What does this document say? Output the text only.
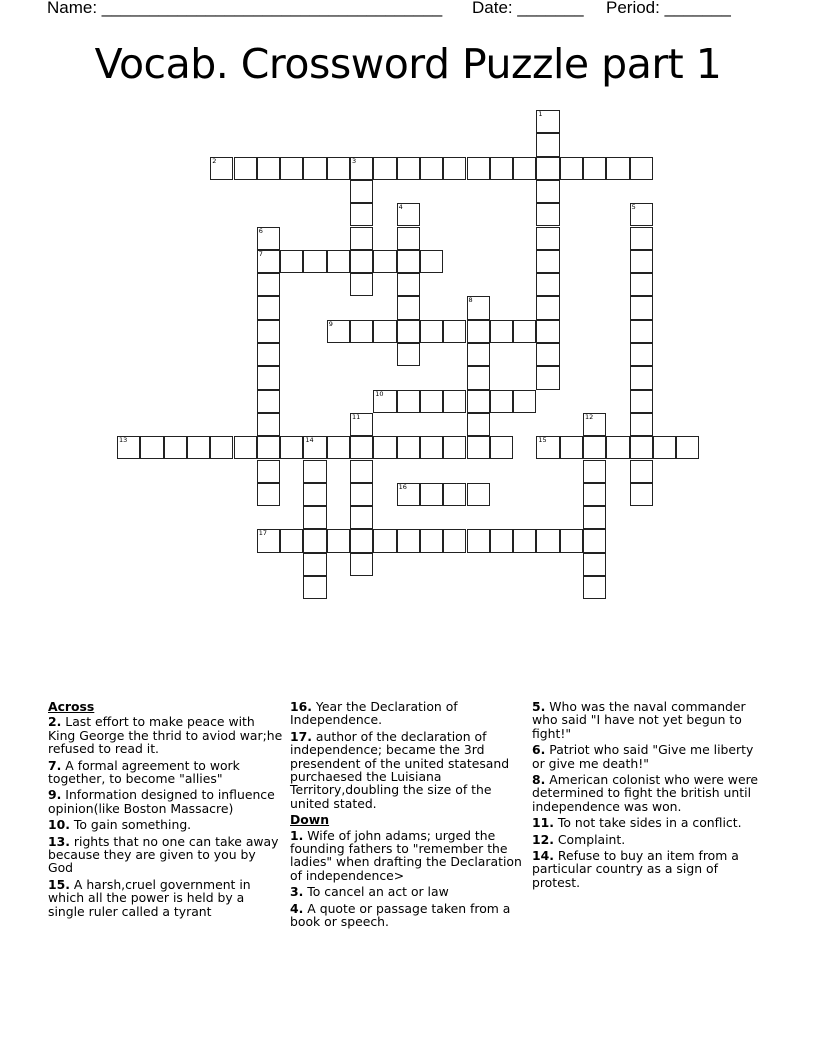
Name: ____________________________________ Date: _______ Period: _______
Vocab. Crossword Puzzle part 1
1
2	3
4	5
6
7
8
9
10
11	12
13	14	15
16
17
Across
2. Last effort to make peace with King George the thrid to aviod war;he refused to read it.
7. A formal agreement to work together, to become "allies"
9. Information designed to influence opinion(like Boston Massacre)
10. To gain something.
13. rights that no one can take away because they are given to you by God
15. A harsh,cruel government in which all the power is held by a single ruler called a tyrant
16. Year the Declaration of Independence.
17. author of the declaration of independence; became the 3rd presendent of the united statesand purchaesed the Luisiana Territory,doubling the size of the united stated.
Down
1. Wife of john adams; urged the founding fathers to "remember the ladies" when drafting the Declaration of independence>
3. To cancel an act or law
4. A quote or passage taken from a book or speech.
5. Who was the naval commander who said "I have not yet begun to fight!"
6. Patriot who said "Give me liberty or give me death!"
8. American colonist who were were determined to fight the british until independence was won.
11. To not take sides in a conflict.
12. Complaint.
14. Refuse to buy an item from a particular country as a sign of protest.
